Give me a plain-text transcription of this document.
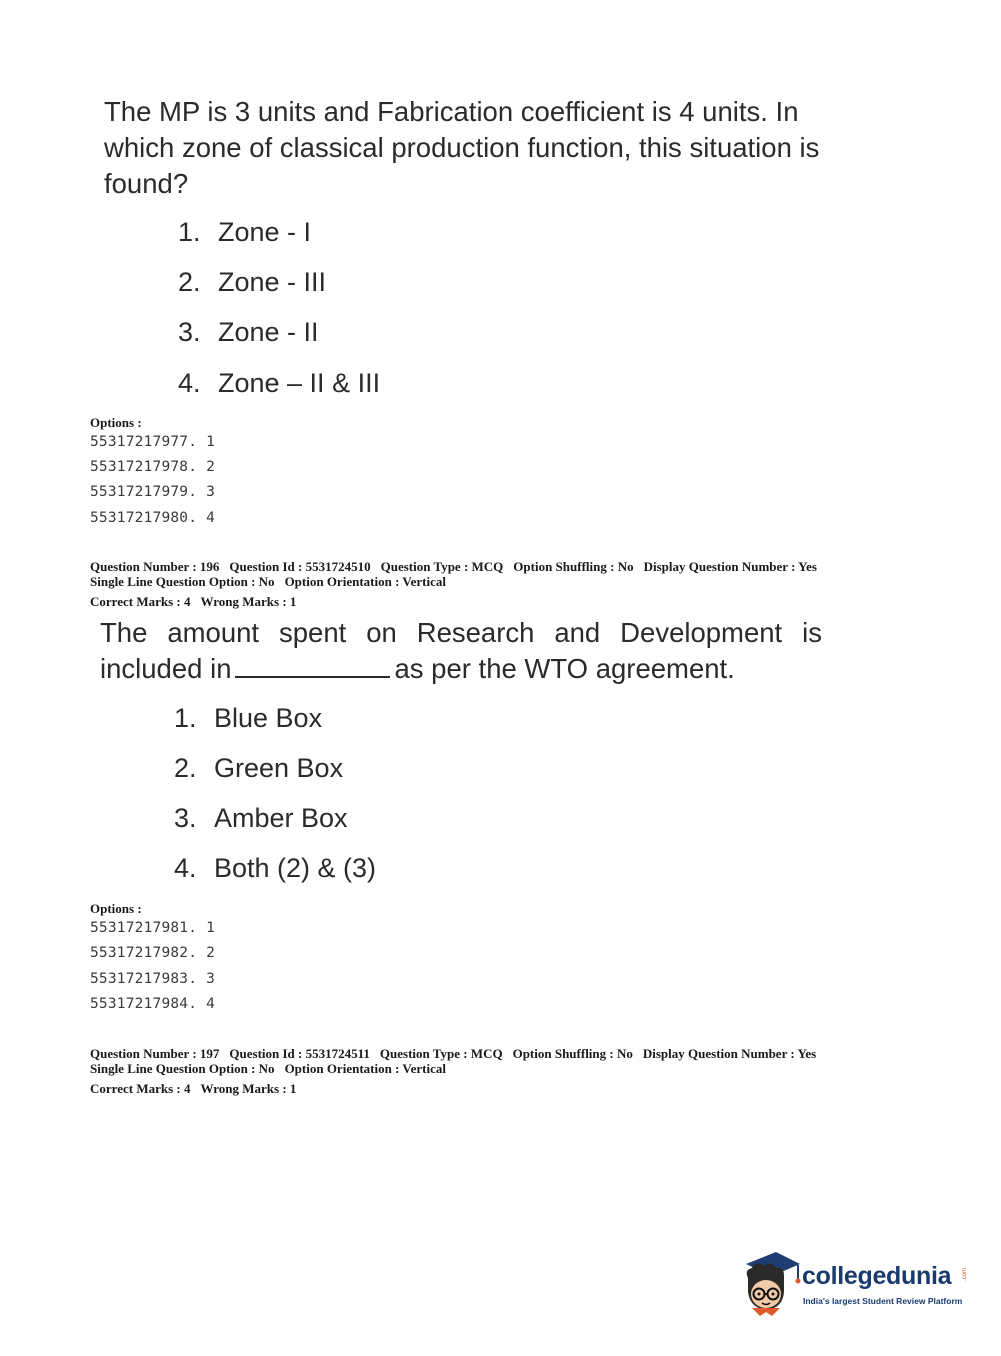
The MP is 3 units and Fabrication coefficient is 4 units. In
which zone of classical production function, this situation is
found?
1. Zone - I
2. Zone - III
3. Zone - II
4. Zone – II & III
Options :
55317217977. 1
55317217978. 2
55317217979. 3
55317217980. 4
Question Number : 196 Question Id : 5531724510 Question Type : MCQ Option Shuffling : No Display Question Number : Yes
Single Line Question Option : No Option Orientation : Vertical
Correct Marks : 4 Wrong Marks : 1
The amount spent on Research and Development is
included in	as per the WTO agreement.
1. Blue Box
2. Green Box
3. Amber Box
4. Both (2) & (3)
Options :
55317217981. 1
55317217982. 2
55317217983. 3
55317217984. 4
Question Number : 197 Question Id : 5531724511 Question Type : MCQ Option Shuffling : No Display Question Number : Yes
Single Line Question Option : No Option Orientation : Vertical
Correct Marks : 4 Wrong Marks : 1
collegedunia .com
India's largest Student Review Platform
